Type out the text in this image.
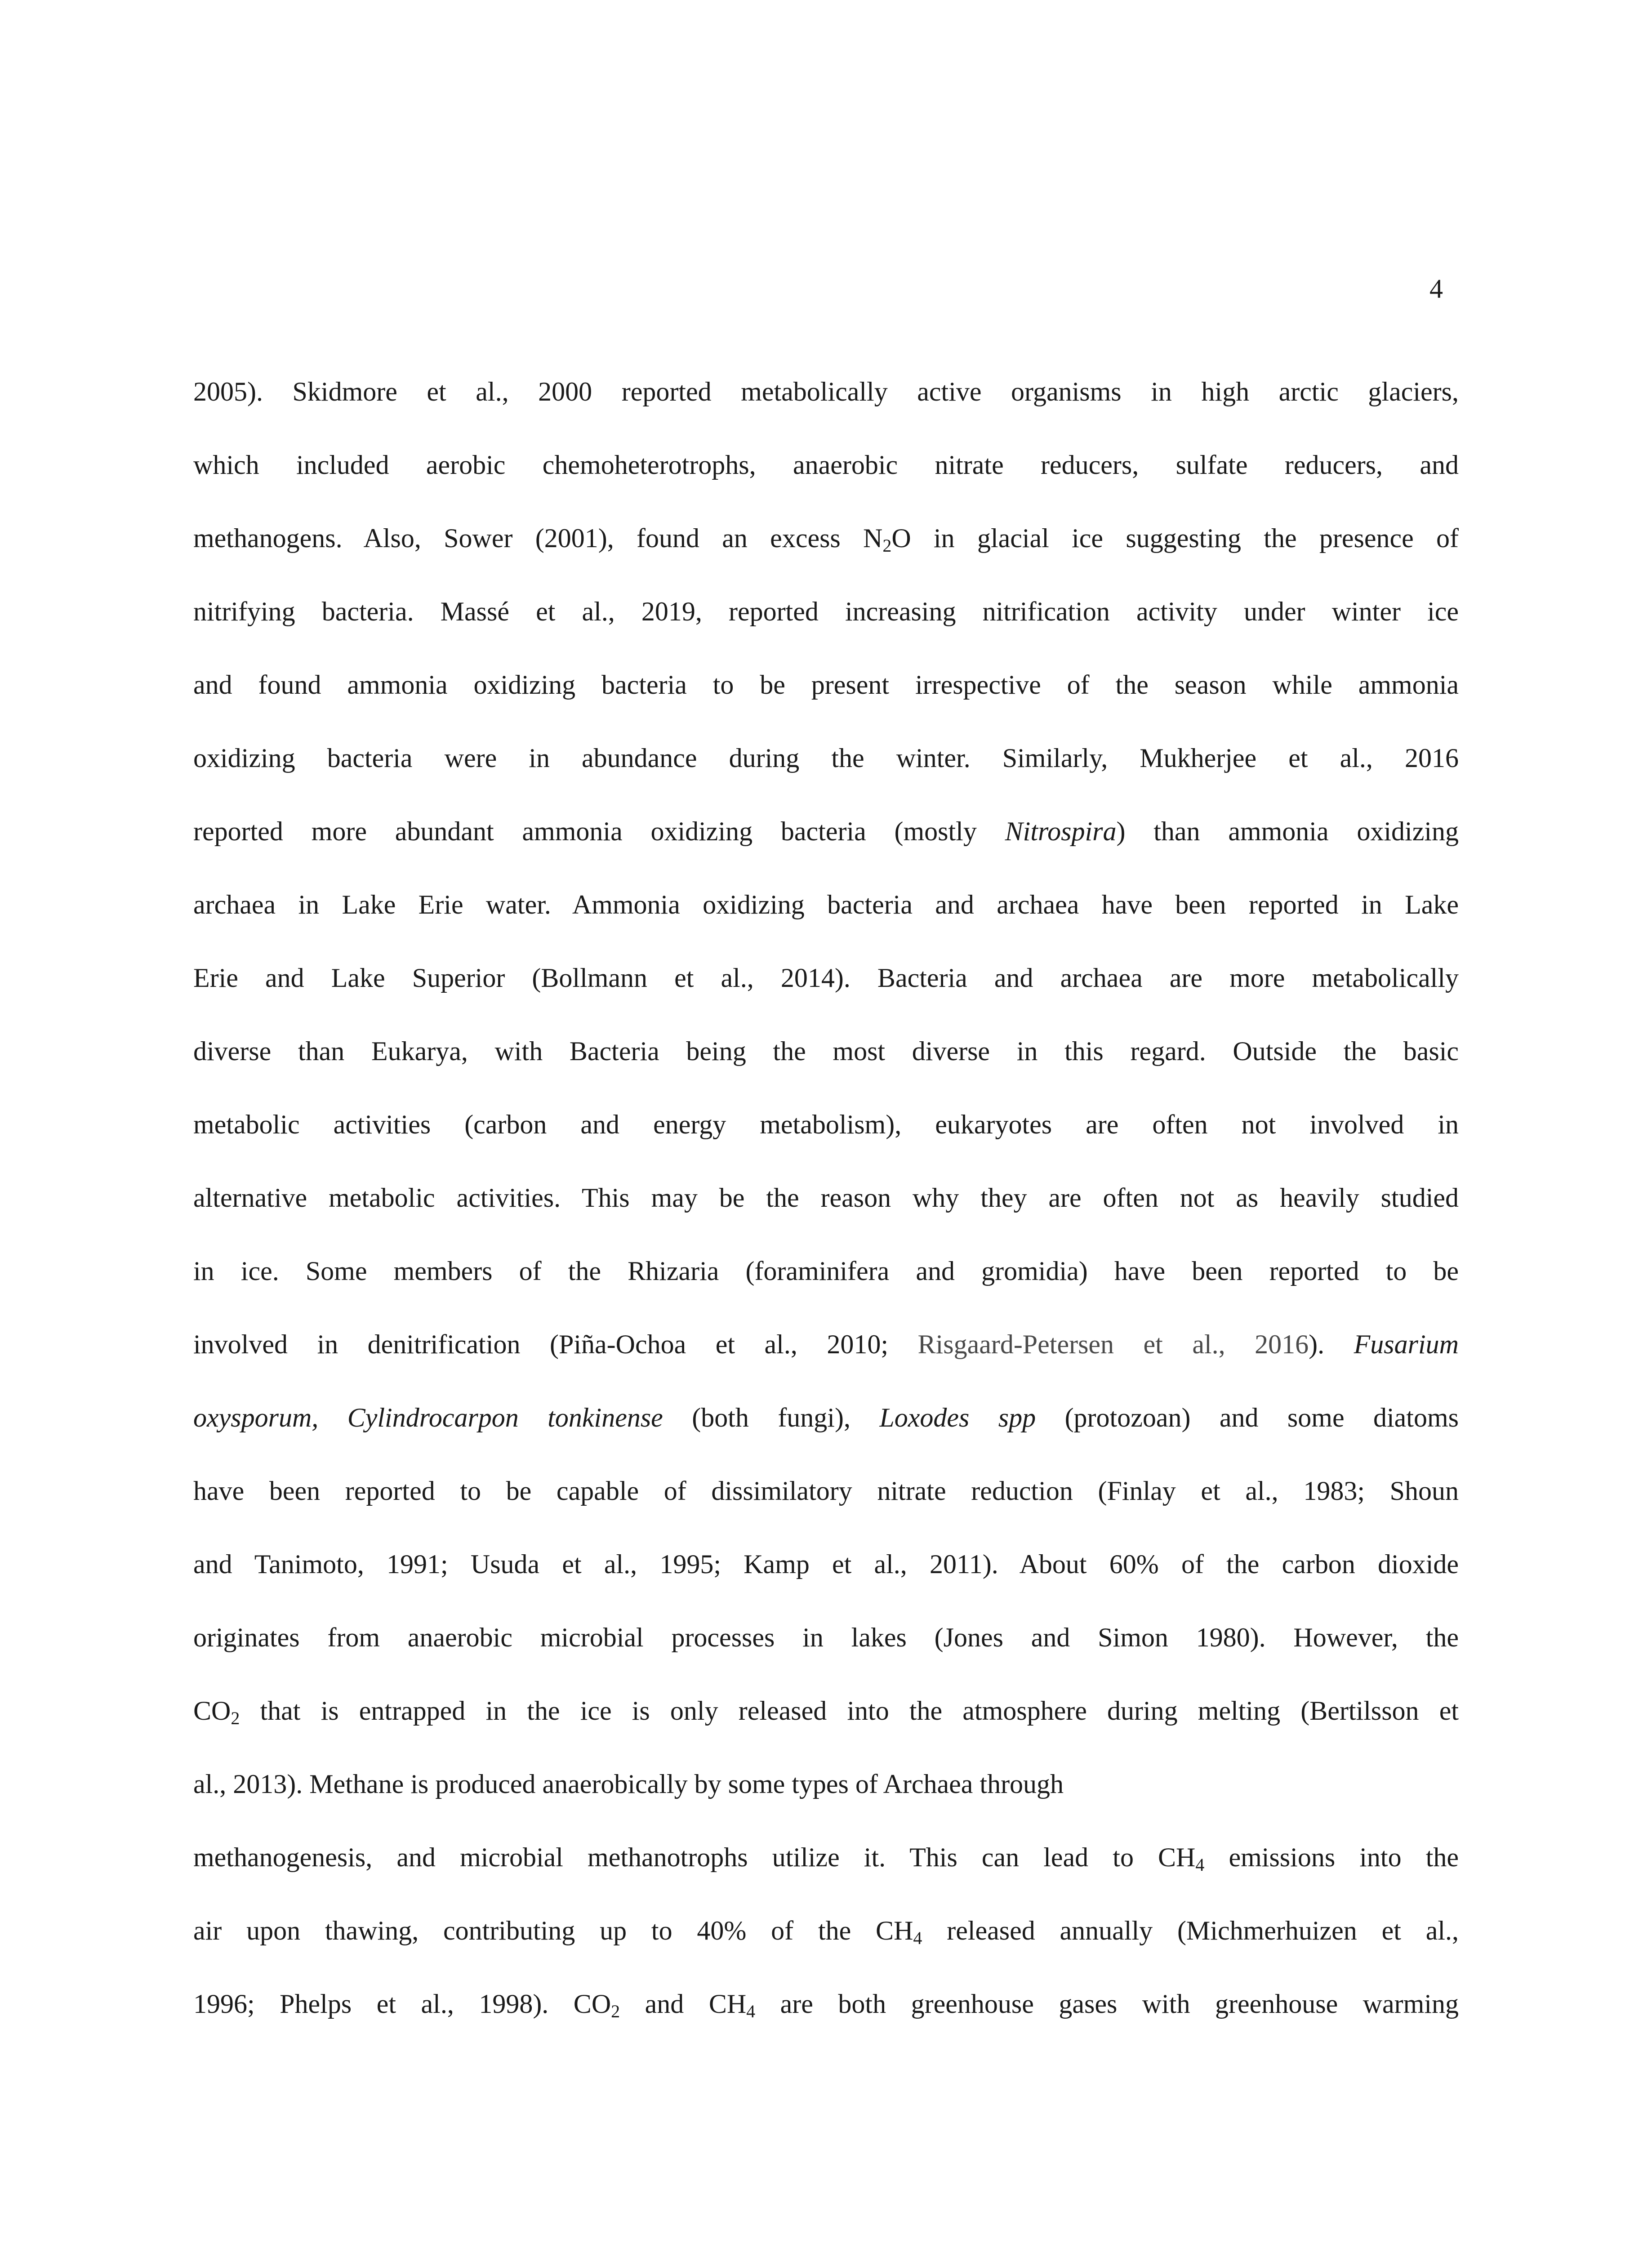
4
2005). Skidmore et al., 2000 reported metabolically active organisms in high arctic glaciers,
which included aerobic chemoheterotrophs, anaerobic nitrate reducers, sulfate reducers, and
methanogens. Also, Sower (2001), found an excess $N_2O$ in glacial ice suggesting the presence of
nitrifying bacteria. Massé et al., 2019, reported increasing nitrification activity under winter ice
and found ammonia oxidizing bacteria to be present irrespective of the season while ammonia
oxidizing bacteria were in abundance during the winter. Similarly, Mukherjee et al., 2016
reported more abundant ammonia oxidizing bacteria (mostly Nitrospira) than ammonia oxidizing
archaea in Lake Erie water. Ammonia oxidizing bacteria and archaea have been reported in Lake
Erie and Lake Superior (Bollmann et al., 2014). Bacteria and archaea are more metabolically
diverse than Eukarya, with Bacteria being the most diverse in this regard. Outside the basic
metabolic activities (carbon and energy metabolism), eukaryotes are often not involved in
alternative metabolic activities. This may be the reason why they are often not as heavily studied
in ice. Some members of the Rhizaria (foraminifera and gromidia) have been reported to be
involved in denitrification (Piña-Ochoa et al., 2010; Risgaard-Petersen et al., 2016). Fusarium
oxysporum, Cylindrocarpon tonkinense (both fungi), Loxodes spp (protozoan) and some diatoms
have been reported to be capable of dissimilatory nitrate reduction (Finlay et al., 1983; Shoun
and Tanimoto, 1991; Usuda et al., 1995; Kamp et al., 2011). About 60% of the carbon dioxide
originates from anaerobic microbial processes in lakes (Jones and Simon 1980). However, the
$CO_2$ that is entrapped in the ice is only released into the atmosphere during melting (Bertilsson et
al., 2013). Methane is produced anaerobically by some types of Archaea through
methanogenesis, and microbial methanotrophs utilize it. This can lead to $CH_4$ emissions into the
air upon thawing, contributing up to 40% of the $CH_4$ released annually (Michmerhuizen et al.,
1996; Phelps et al., 1998). $CO_2$ and $CH_4$ are both greenhouse gases with greenhouse warming
